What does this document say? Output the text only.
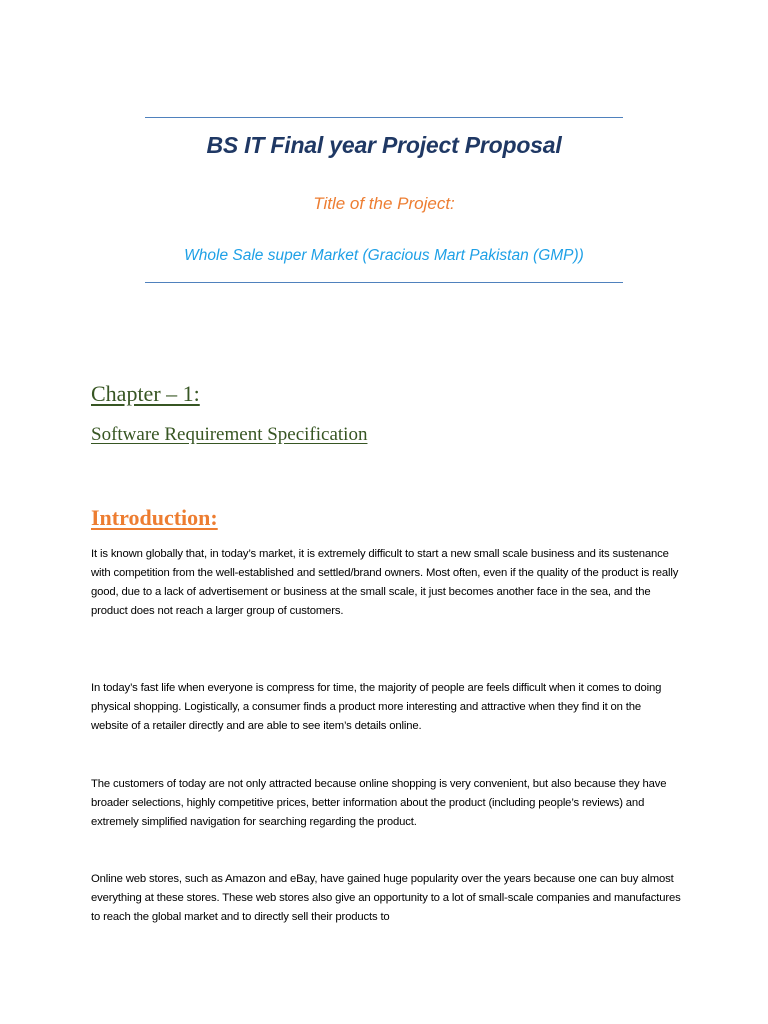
BS IT Final year Project Proposal
Title of the Project:
Whole Sale super Market (Gracious Mart Pakistan (GMP))
Chapter – 1:
Software Requirement Specification
Introduction:

It is known globally that, in today’s market, it is extremely difficult to start a new small scale business and its sustenance with competition from the well-established and settled/brand owners. Most often, even if the quality of the product is really good, due to a lack of advertisement or business at the small scale, it just becomes another face in the sea, and the product does not reach a larger group of customers.

In today’s fast life when everyone is compress for time, the majority of people are feels difficult when it comes to doing physical shopping. Logistically, a consumer finds a product more interesting and attractive when they find it on the website of a retailer directly and are able to see item’s details online.

The customers of today are not only attracted because online shopping is very convenient, but also because they have broader selections, highly competitive prices, better information about the product (including people’s reviews) and extremely simplified navigation for searching regarding the product.

Online web stores, such as Amazon and eBay, have gained huge popularity over the years because one can buy almost everything at these stores. These web stores also give an opportunity to a lot of small-scale companies and manufactures to reach the global market and to directly sell their products to
